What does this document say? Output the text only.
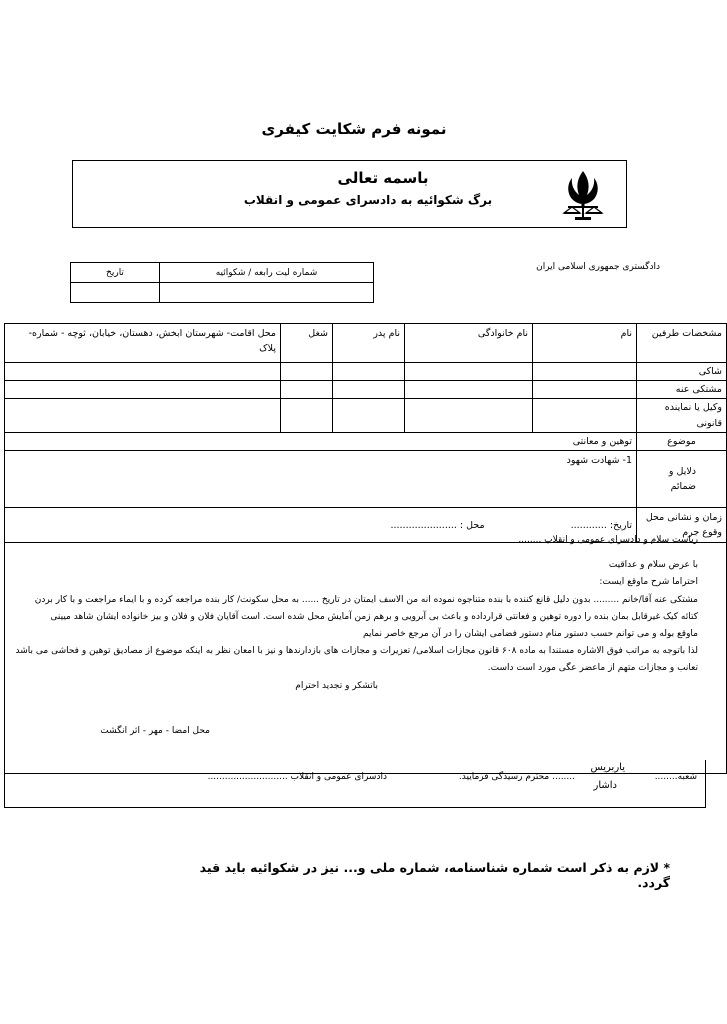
نمونه فرم شکایت کیفری
باسمه تعالی
برگ شکوائیه به دادسرای عمومی و انقلاب
دادگستری جمهوری اسلامی ایران
شماره لیت رابعه / شکوائیه	تاریخ

مشخصات طرفین	نام	نام خانوادگی	نام پدر	شغل	محل اقامت- شهرستان ابخش، دهستان، خیابان، ثوچه - شماره- پلاک
شاکی					
مشتکی عنه					
وکیل یا نماینده قانونی					
موضوع	توهین و معانتی				
دلایل و ضمائم	1- شهادت شهود				
زمان و نشانی محل وقوع جرم	تاریخ: ............  محل : ......................				

ریاست سلام و دادسرای عمومی و انقلاب ........
با عرض سلام و عداقیت
احتراما شرح ماوقع ایست:
مشتکی عنه آقا/خانم ......... بدون دلیل قانع کننده با بنده متناجوه نموده انه من الاسف ایمتان در تاریخ ...... به محل سکونت/ کار بنده مراجعه کرده و با ایماء مراجعت و با کار بردن
کتائه کیک غیرقابل بمان بنده را دوره توهین و فعانتی قرارداده و باعث بی آبرویی و برهم زمن آمایش محل شده است. است آقایان فلان و فلان و بیز خانواده ایشان شاهد میینی
ماوقع بوله و می توانم حسب دستور منام دستور فضامی ایشان را در آن مرجع خاصر نمایم
لذا باتوجه به مراتب فوق الاشاره مستندا به ماده ۶۰۸ قانون مجازات اسلامی/ تعزیرات و مجازات های بازدارندها و نیز با امعان نظر به اینکه موضوع از مصادیق توهین و فحاشی می باشد
تعانب و مجازات متهم از ماعضر عگی مورد است داست.
باتشکر و تجدید احترام
محل امضا - مهر - اثر انگشت
شعبه........
یاربریس
داشار
........ محترم رسیدگی فرمایید.
دادسرای عمومی و انقلاب ............................
* لازم به ذکر است شماره شناسنامه، شماره ملی و... نیز در شکوائیه باید قید گردد.
